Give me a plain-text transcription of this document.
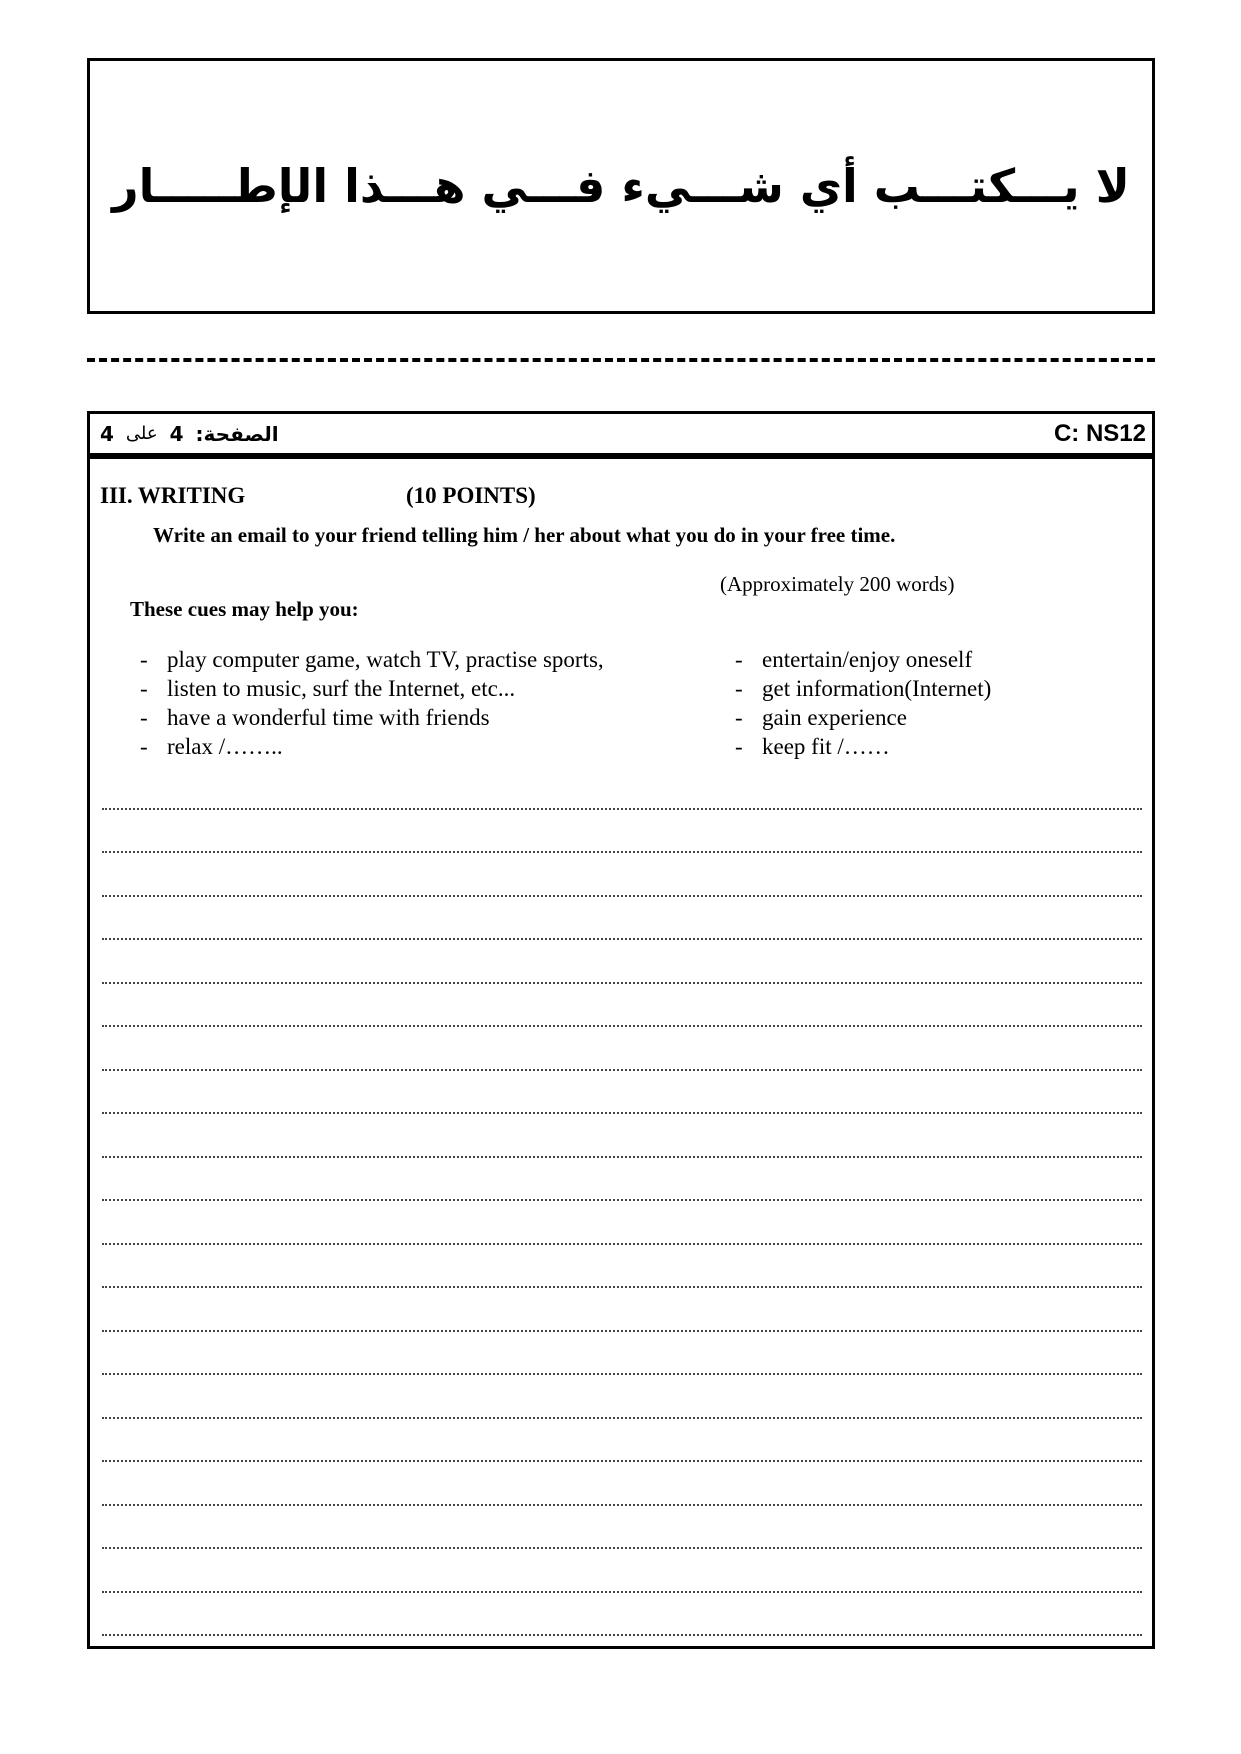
لا يـــكتـــب أي شـــيء فـــي هـــذا الإطـــــار
الصفحة:
4
على
4	C: NS12
III. WRITING	(10 POINTS)
Write an email to your friend telling him / her about what you do in your free time.
(Approximately 200 words)
These cues may help you:
- play computer game, watch TV, practise sports,
- listen to music, surf the Internet, etc...
- have a wonderful time with friends
- relax /……..
- entertain/enjoy oneself
- get information(Internet)
- gain experience
- keep fit /……
